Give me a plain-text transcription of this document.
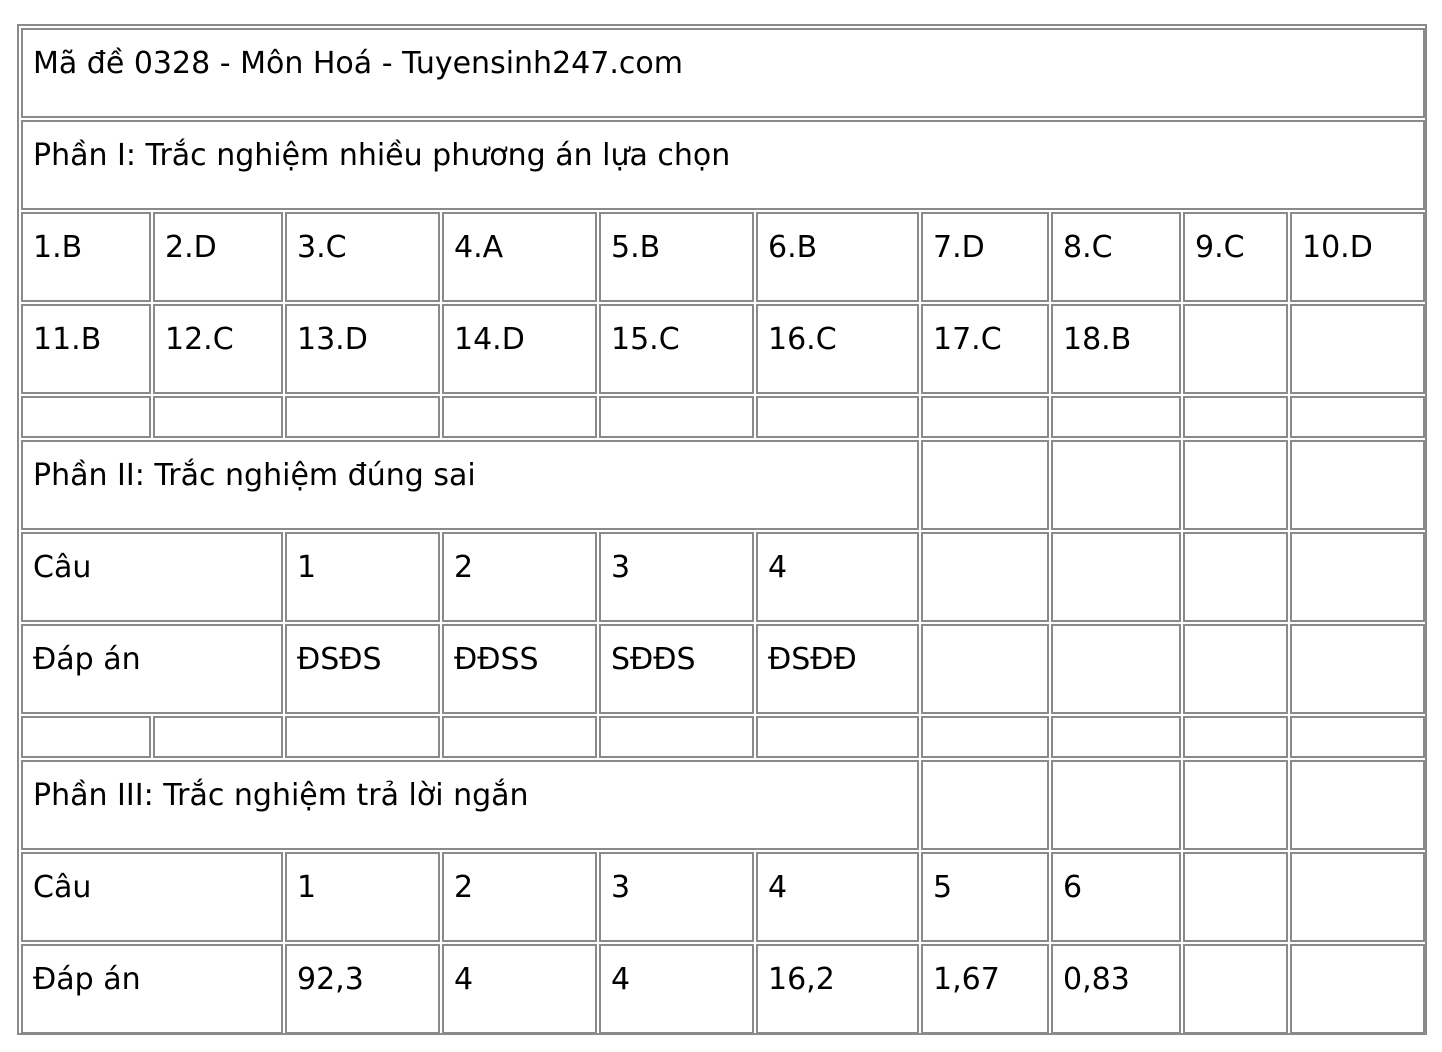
Mã đề 0328 - Môn Hoá - Tuyensinh247.com									
Phần I: Trắc nghiệm nhiều phương án lựa chọn									
1.B	2.D	3.C	4.A	5.B	6.B	7.D	8.C	9.C	10.D
11.B	12.C	13.D	14.D	15.C	16.C	17.C	18.B		

Phần II: Trắc nghiệm đúng sai									
Câu		1	2	3	4				
Đáp án		ĐSĐS	ĐĐSS	SĐĐS	ĐSĐĐ				

Phần III: Trắc nghiệm trả lời ngắn									
Câu		1	2	3	4	5	6		
Đáp án		92,3	4	4	16,2	1,67	0,83		
